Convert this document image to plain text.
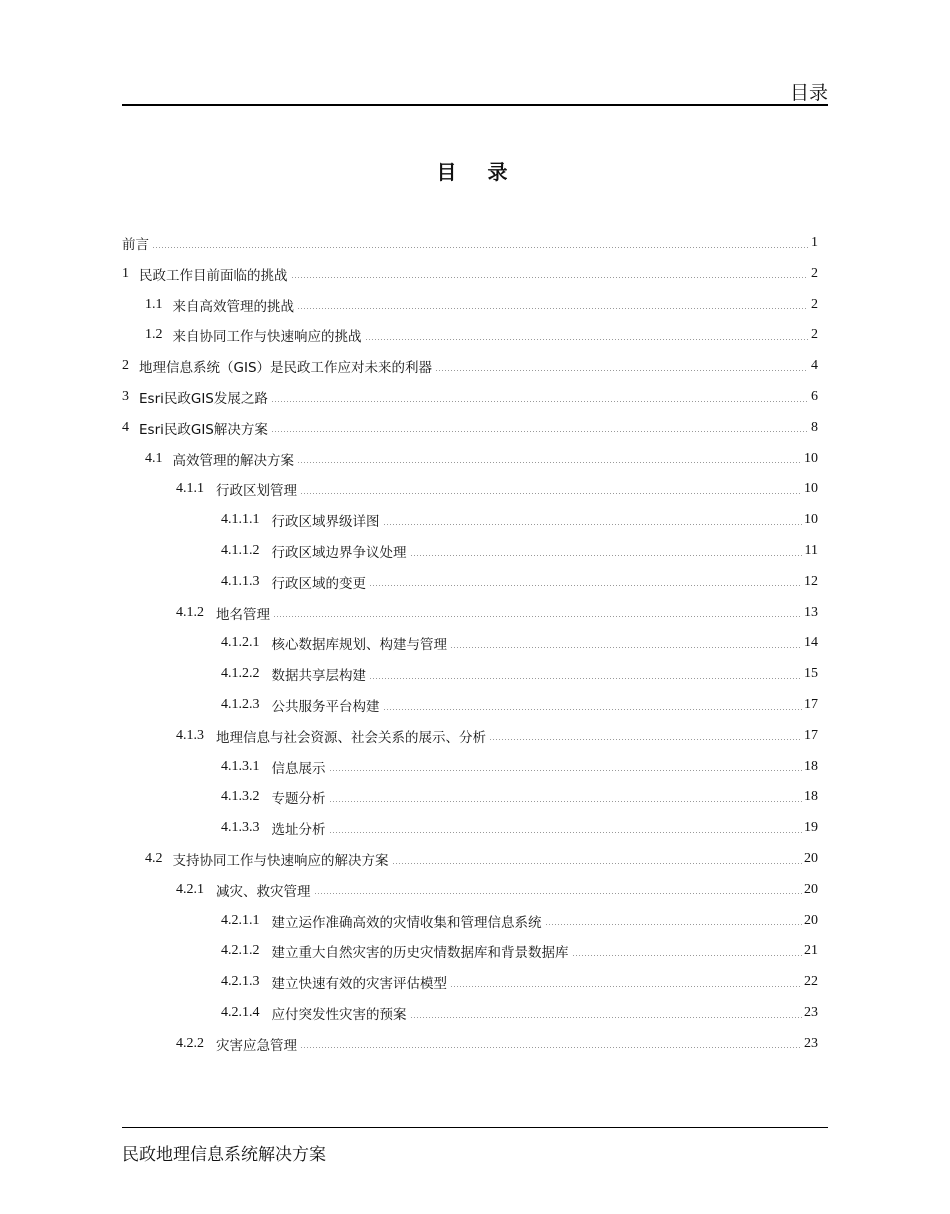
目录
目 录
前言	1
1 民政工作目前面临的挑战	2
1.1 来自高效管理的挑战	2
1.2 来自协同工作与快速响应的挑战	2
2 地理信息系统（GIS）是民政工作应对未来的利器	4
3 Esri民政GIS发展之路	6
4 Esri民政GIS解决方案	8
4.1 高效管理的解决方案	10
4.1.1 行政区划管理	10
4.1.1.1 行政区域界级详图	10
4.1.1.2 行政区域边界争议处理	11
4.1.1.3 行政区域的变更	12
4.1.2 地名管理	13
4.1.2.1 核心数据库规划、构建与管理	14
4.1.2.2 数据共享层构建	15
4.1.2.3 公共服务平台构建	17
4.1.3 地理信息与社会资源、社会关系的展示、分析	17
4.1.3.1 信息展示	18
4.1.3.2 专题分析	18
4.1.3.3 选址分析	19
4.2 支持协同工作与快速响应的解决方案	20
4.2.1 减灾、救灾管理	20
4.2.1.1 建立运作准确高效的灾情收集和管理信息系统	20
4.2.1.2 建立重大自然灾害的历史灾情数据库和背景数据库	21
4.2.1.3 建立快速有效的灾害评估模型	22
4.2.1.4 应付突发性灾害的预案	23
4.2.2 灾害应急管理	23
民政地理信息系统解决方案
